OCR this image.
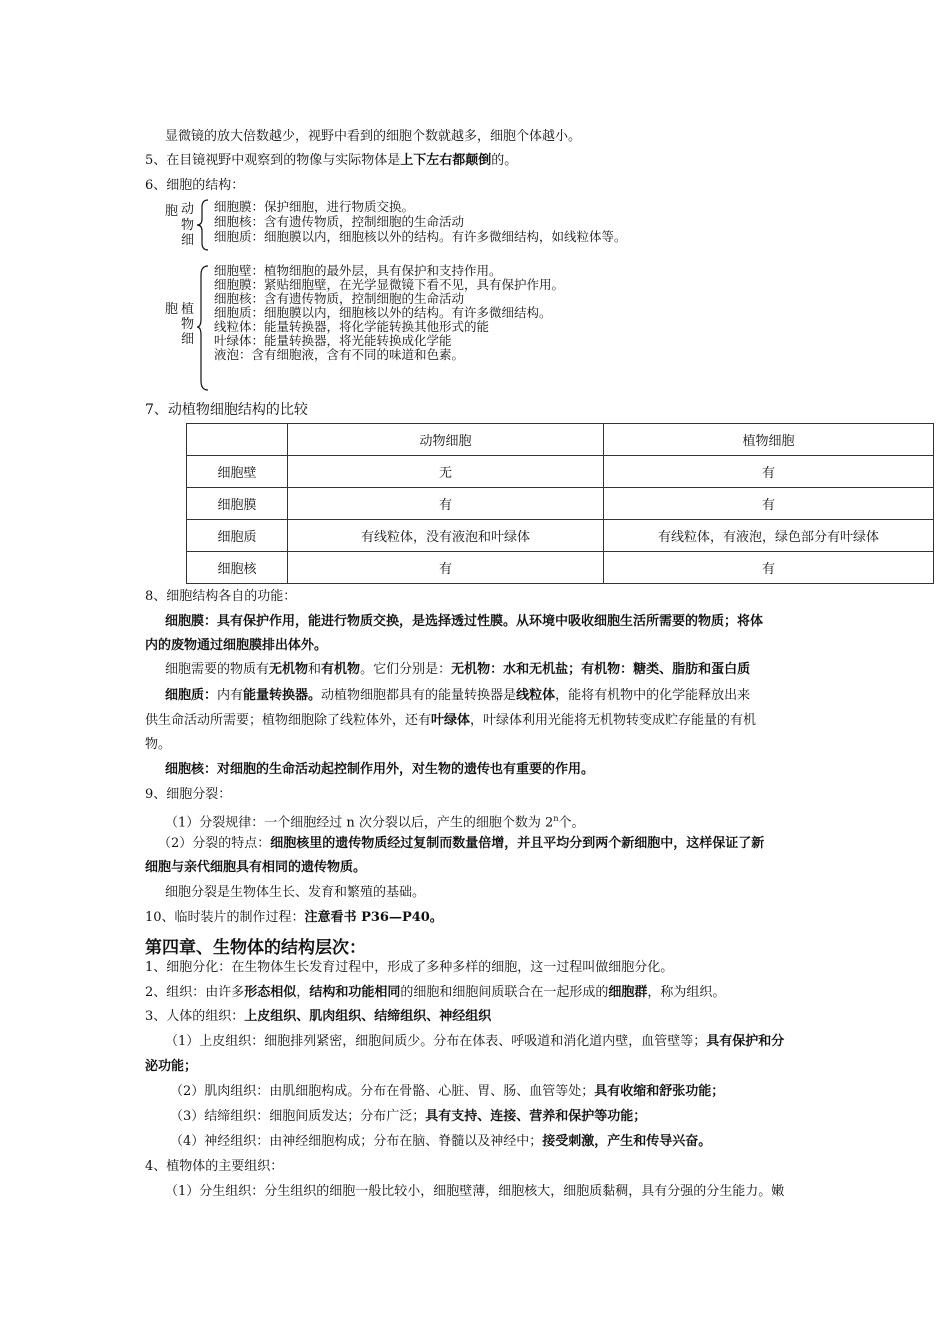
显微镜的放大倍数越少，视野中看到的细胞个数就越多，细胞个体越小。
5、在目镜视野中观察到的物像与实际物体是上下左右都颠倒的。
6、细胞的结构：
胞 动
物
细
细胞膜：保护细胞，进行物质交换。
细胞核：含有遗传物质，控制细胞的生命活动
细胞质：细胞膜以内，细胞核以外的结构。有许多微细结构，如线粒体等。
胞 植
物
细
细胞壁：植物细胞的最外层，具有保护和支持作用。
细胞膜：紧贴细胞壁，在光学显微镜下看不见，具有保护作用。
细胞核：含有遗传物质，控制细胞的生命活动
细胞质：细胞膜以内，细胞核以外的结构。有许多微细结构。
线粒体：能量转换器，将化学能转换其他形式的能
叶绿体：能量转换器，将光能转换成化学能
液泡：含有细胞液，含有不同的味道和色素。
7、动植物细胞结构的比较
	动物细胞	植物细胞
细胞壁	无	有
细胞膜	有	有
细胞质	有线粒体，没有液泡和叶绿体	有线粒体，有液泡，绿色部分有叶绿体
细胞核	有	有
8、细胞结构各自的功能：
细胞膜：具有保护作用，能进行物质交换，是选择透过性膜。从环境中吸收细胞生活所需要的物质；将体
内的废物通过细胞膜排出体外。
细胞需要的物质有无机物和有机物。它们分别是：无机物：水和无机盐；有机物：糖类、脂肪和蛋白质
细胞质：内有能量转换器。动植物细胞都具有的能量转换器是线粒体，能将有机物中的化学能释放出来
供生命活动所需要；植物细胞除了线粒体外，还有叶绿体，叶绿体利用光能将无机物转变成贮存能量的有机
物。
细胞核：对细胞的生命活动起控制作用外，对生物的遗传也有重要的作用。
9、细胞分裂：
（1）分裂规律：一个细胞经过 n 次分裂以后，产生的细胞个数为 2$^n$个。
（2）分裂的特点：细胞核里的遗传物质经过复制而数量倍增，并且平均分到两个新细胞中，这样保证了新
细胞与亲代细胞具有相同的遗传物质。
细胞分裂是生物体生长、发育和繁殖的基础。
10、临时装片的制作过程：注意看书 P36—P40。
第四章、生物体的结构层次：
1、细胞分化：在生物体生长发育过程中，形成了多种多样的细胞，这一过程叫做细胞分化。
2、组织：由许多形态相似，结构和功能相同的细胞和细胞间质联合在一起形成的细胞群，称为组织。
3、人体的组织：上皮组织、肌肉组织、结缔组织、神经组织
（1）上皮组织：细胞排列紧密，细胞间质少。分布在体表、呼吸道和消化道内壁，血管壁等；具有保护和分
泌功能；
（2）肌肉组织：由肌细胞构成。分布在骨骼、心脏、胃、肠、血管等处；具有收缩和舒张功能；
（3）结缔组织：细胞间质发达；分布广泛；具有支持、连接、营养和保护等功能；
（4）神经组织：由神经细胞构成；分布在脑、脊髓以及神经中；接受刺激，产生和传导兴奋。
4、植物体的主要组织：
（1）分生组织：分生组织的细胞一般比较小，细胞壁薄，细胞核大，细胞质黏稠，具有分强的分生能力。嫩
